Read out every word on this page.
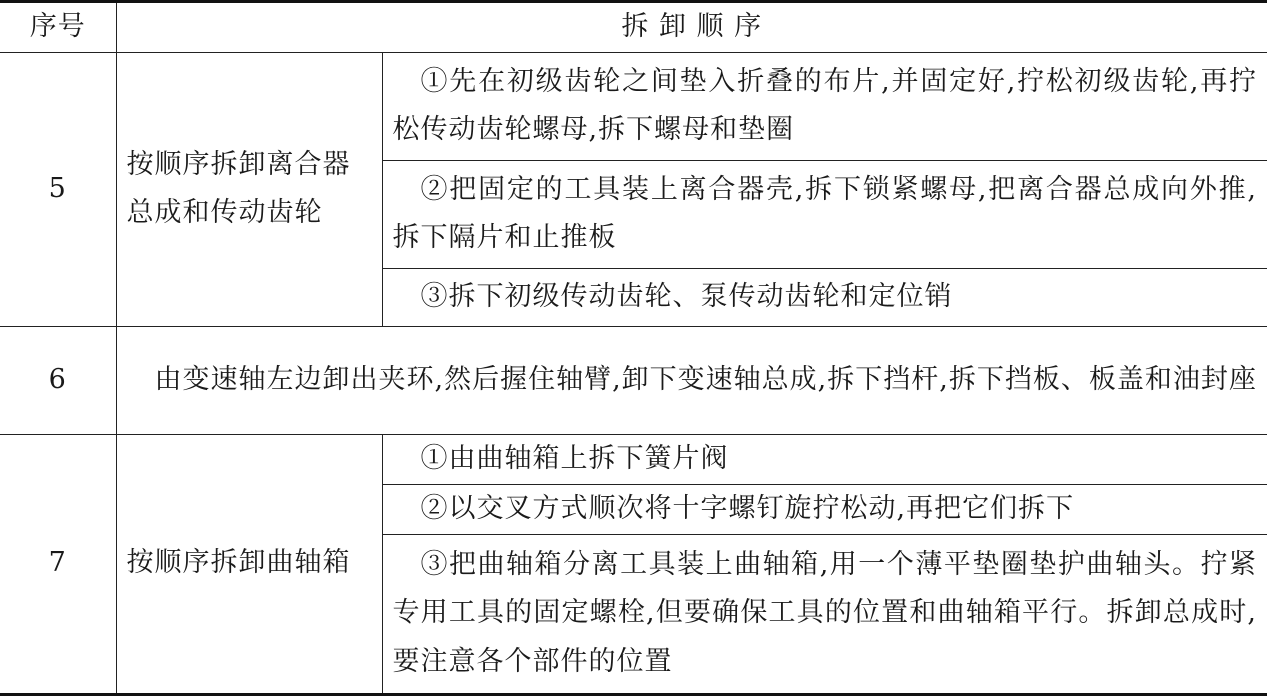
序号	拆 卸 顺 序	
5	按顺序拆卸离合器总成和传动齿轮	①先在初级齿轮之间垫入折叠的布片,并固定好,拧松初级齿轮,再拧松传动齿轮螺母,拆下螺母和垫圈
		②把固定的工具装上离合器壳,拆下锁紧螺母,把离合器总成向外推,拆下隔片和止推板
		③拆下初级传动齿轮、泵传动齿轮和定位销
6	由变速轴左边卸出夹环,然后握住轴臂,卸下变速轴总成,拆下挡杆,拆下挡板、板盖和油封座	
7	按顺序拆卸曲轴箱	①由曲轴箱上拆下簧片阀
		②以交叉方式顺次将十字螺钉旋拧松动,再把它们拆下
		③把曲轴箱分离工具装上曲轴箱,用一个薄平垫圈垫护曲轴头。拧紧专用工具的固定螺栓,但要确保工具的位置和曲轴箱平行。拆卸总成时,要注意各个部件的位置
